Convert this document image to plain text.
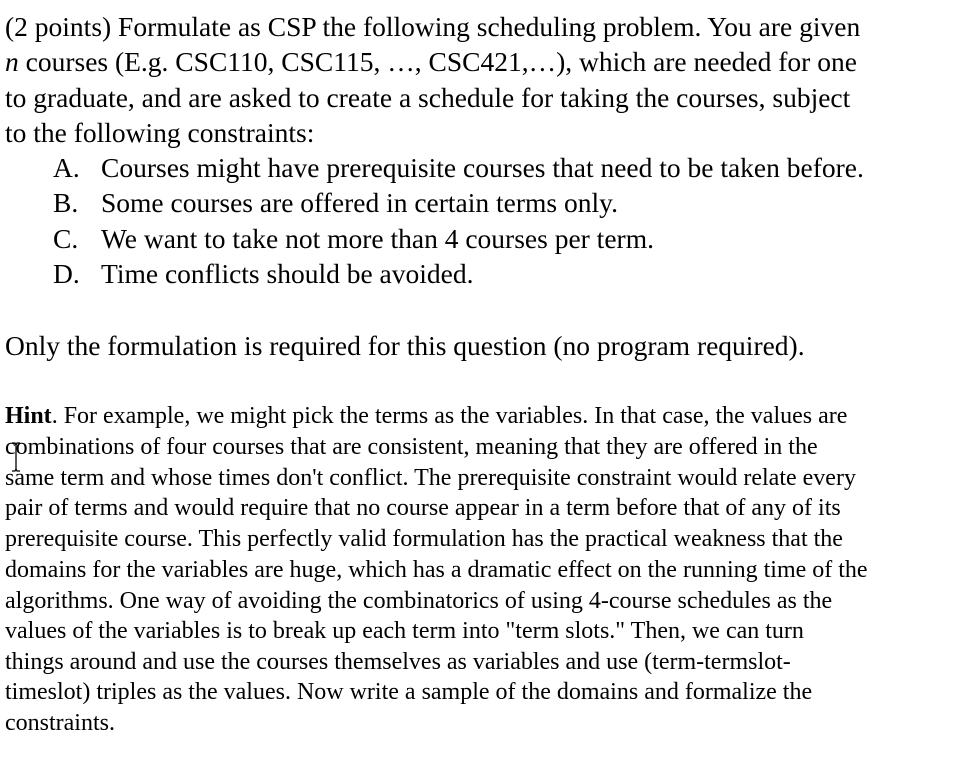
(2 points) Formulate as CSP the following scheduling problem. You are given
n courses (E.g. CSC110, CSC115, …, CSC421,…), which are needed for one
to graduate, and are asked to create a schedule for taking the courses, subject
to the following constraints:
A. Courses might have prerequisite courses that need to be taken before.
B. Some courses are offered in certain terms only.
C. We want to take not more than 4 courses per term.
D. Time conflicts should be avoided.
Only the formulation is required for this question (no program required).
Hint. For example, we might pick the terms as the variables. In that case, the values are
combinations of four courses that are consistent, meaning that they are offered in the
same term and whose times don't conflict. The prerequisite constraint would relate every
pair of terms and would require that no course appear in a term before that of any of its
prerequisite course. This perfectly valid formulation has the practical weakness that the
domains for the variables are huge, which has a dramatic effect on the running time of the
algorithms. One way of avoiding the combinatorics of using 4-course schedules as the
values of the variables is to break up each term into "term slots." Then, we can turn
things around and use the courses themselves as variables and use (term-termslot-
timeslot) triples as the values. Now write a sample of the domains and formalize the
constraints.
